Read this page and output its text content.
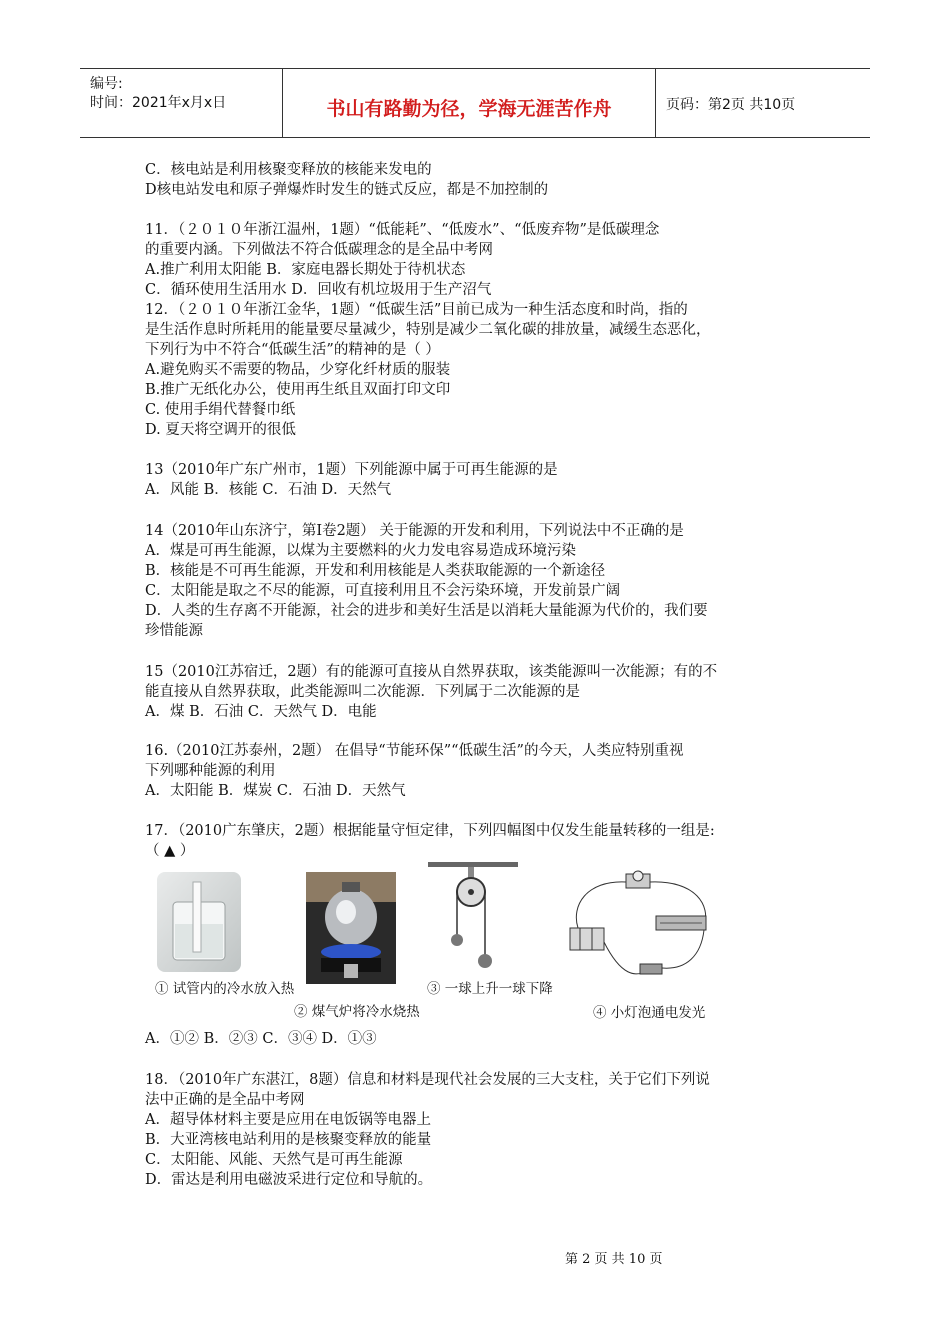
编号:
时间：2021年x月x日	书山有路勤为径，学海无涯苦作舟	页码：第2页 共10页
C．核电站是利用核聚变释放的核能来发电的
D核电站发电和原子弹爆炸时发生的链式反应，都是不加控制的
11．（２０１０年浙江温州，1题）“低能耗”、“低废水”、“低废弃物”是低碳理念
的重要内涵。下列做法不符合低碳理念的是全品中考网
A.推广利用太阳能 B．家庭电器长期处于待机状态
C．循环使用生活用水 D．回收有机垃圾用于生产沼气
12．（２０１０年浙江金华，1题）“低碳生活”目前已成为一种生活态度和时尚，指的
是生活作息时所耗用的能量要尽量减少，特别是减少二氧化碳的排放量，减缓生态恶化，
下列行为中不符合“低碳生活”的精神的是（ ）
A.避免购买不需要的物品，少穿化纤材质的服装
B.推广无纸化办公，使用再生纸且双面打印文印
C. 使用手绢代替餐巾纸
D. 夏天将空调开的很低
13（2010年广东广州市，1题）下列能源中属于可再生能源的是
A．风能 B．核能 C．石油 D．天然气
14（2010年山东济宁，第Ⅰ卷2题） 关于能源的开发和利用，下列说法中不正确的是
A．煤是可再生能源，以煤为主要燃料的火力发电容易造成环境污染
B．核能是不可再生能源，开发和利用核能是人类获取能源的一个新途径
C．太阳能是取之不尽的能源，可直接利用且不会污染环境，开发前景广阔
D．人类的生存离不开能源，社会的进步和美好生活是以消耗大量能源为代价的，我们要
珍惜能源
15（2010江苏宿迁，2题）有的能源可直接从自然界获取，该类能源叫一次能源；有的不
能直接从自然界获取，此类能源叫二次能源．下列属于二次能源的是
A．煤 B．石油 C．天然气 D．电能
16.（2010江苏泰州，2题） 在倡导“节能环保”“低碳生活”的今天，人类应特别重视
下列哪种能源的利用
A．太阳能 B．煤炭 C．石油 D．天然气
17．（2010广东肇庆，2题）根据能量守恒定律，下列四幅图中仅发生能量转移的一组是:
（ ▲ ）
① 试管内的冷水放入热
② 煤气炉将冷水烧热
③ 一球上升一球下降
④ 小灯泡通电发光
A．①② B．②③ C．③④ D．①③
18．（2010年广东湛江，8题）信息和材料是现代社会发展的三大支柱，关于它们下列说
法中正确的是全品中考网
A．超导体材料主要是应用在电饭锅等电器上
B．大亚湾核电站利用的是核聚变释放的能量
C．太阳能、风能、天然气是可再生能源
D．雷达是利用电磁波采进行定位和导航的。
第 2 页 共 10 页
